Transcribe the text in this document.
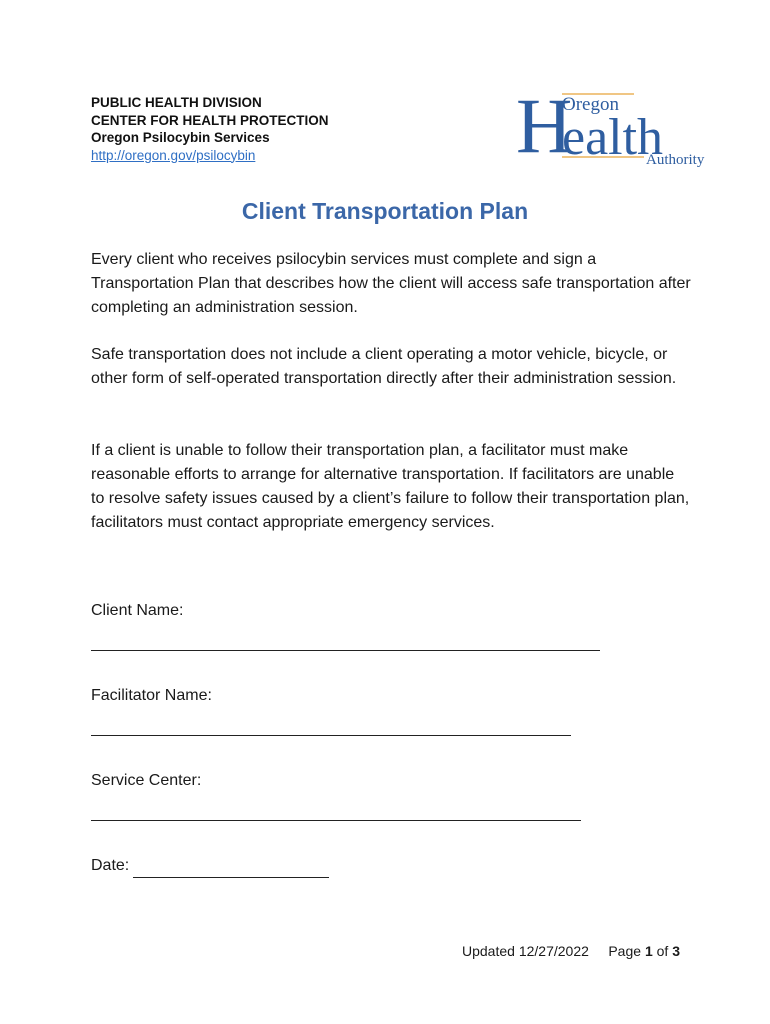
PUBLIC HEALTH DIVISION
CENTER FOR HEALTH PROTECTION
Oregon Psilocybin Services
http://oregon.gov/psilocybin	H
ealth
Oregon
Authority
Client Transportation Plan

Every client who receives psilocybin services must complete and sign a Transportation Plan that describes how the client will access safe transportation after completing an administration session.

Safe transportation does not include a client operating a motor vehicle, bicycle, or other form of self-operated transportation directly after their administration session.

If a client is unable to follow their transportation plan, a facilitator must make reasonable efforts to arrange for alternative transportation. If facilitators are unable to resolve safety issues caused by a client’s failure to follow their transportation plan, facilitators must contact appropriate emergency services.

Client Name:
Facilitator Name:
Service Center:
Date:
Updated 12/27/2022 Page 1 of 3
